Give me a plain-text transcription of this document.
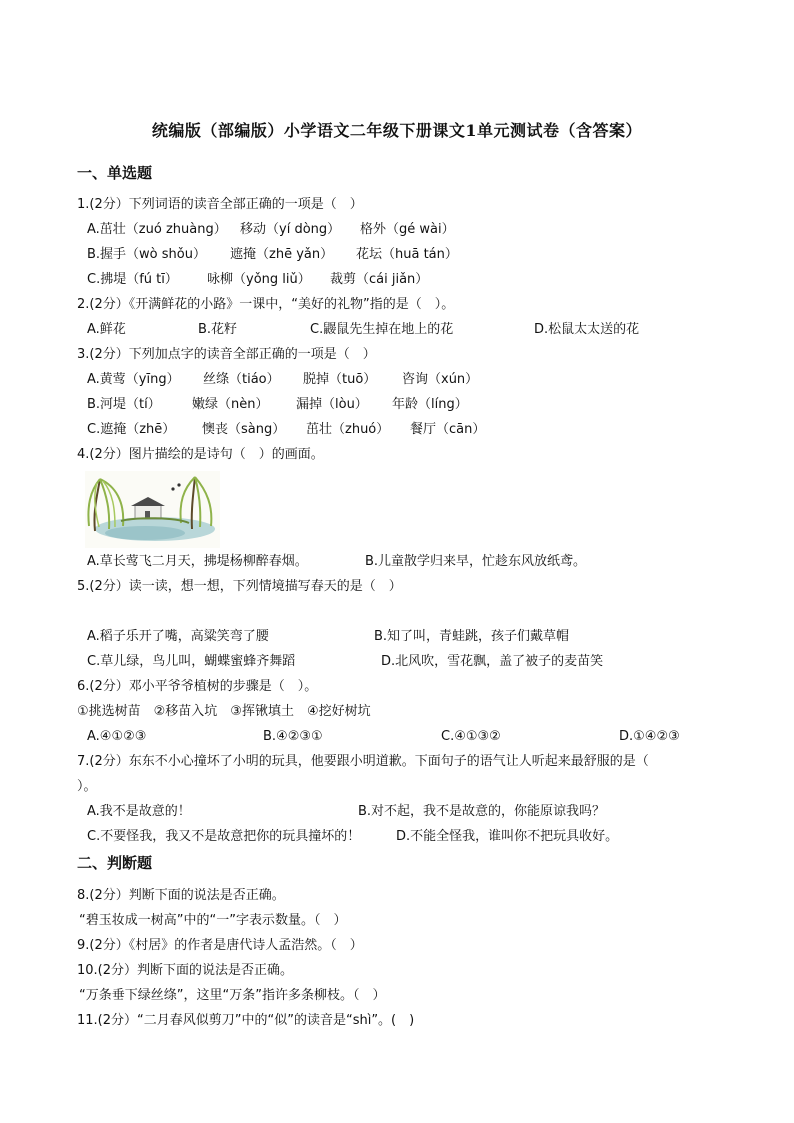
统编版（部编版）小学语文二年级下册课文1单元测试卷（含答案）
一、单选题
1.(2分）下列词语的读音全部正确的一项是（　）
A.茁壮（zuó zhuàng） 移动（yí dòng） 格外（gé wài）
B.握手（wò shǒu） 遮掩（zhē yǎn） 花坛（huā tán）
C.拂堤（fú tī） 咏柳（yǒng liǔ） 裁剪（cái jiǎn）
2.(2分）《开满鲜花的小路》一课中，“美好的礼物”指的是（　）。
A.鲜花	B.花籽	C.鼹鼠先生掉在地上的花	D.松鼠太太送的花
3.(2分）下列加点字的读音全部正确的一项是（　）
A.黄莺（yīng） 丝绦（tiáo） 脱掉（tuō） 咨询（xún）
B.河堤（tí） 嫩绿（nèn） 漏掉（lòu） 年龄（líng）
C.遮掩（zhē） 懊丧（sàng） 茁壮（zhuó） 餐厅（cān）
4.(2分）图片描绘的是诗句（　）的画面。
A.草长莺飞二月天，拂堤杨柳醉春烟。	B.儿童散学归来早，忙趁东风放纸鸢。
5.(2分）读一读，想一想，下列情境描写春天的是（　）
A.稻子乐开了嘴，高粱笑弯了腰	B.知了叫，青蛙跳，孩子们戴草帽
C.草儿绿，鸟儿叫，蝴蝶蜜蜂齐舞蹈	D.北风吹，雪花飘，盖了被子的麦苗笑
6.(2分）邓小平爷爷植树的步骤是（　）。
①挑选树苗　②移苗入坑　③挥锹填土　④挖好树坑
A.④①②③	B.④②③①	C.④①③②	D.①④②③
7.(2分）东东不小心撞坏了小明的玩具，他要跟小明道歉。下面句子的语气让人听起来最舒服的是（
）。
A.我不是故意的！	B.对不起，我不是故意的，你能原谅我吗？
C.不要怪我，我又不是故意把你的玩具撞坏的！	D.不能全怪我，谁叫你不把玩具收好。
二、判断题
8.(2分）判断下面的说法是否正确。
“碧玉妆成一树高”中的“一”字表示数量。（　）
9.(2分）《村居》的作者是唐代诗人孟浩然。（　）
10.(2分）判断下面的说法是否正确。
“万条垂下绿丝绦”，这里“万条”指许多条柳枝。（　）
11.(2分）“二月春风似剪刀”中的“似”的读音是“shì”。(　)
